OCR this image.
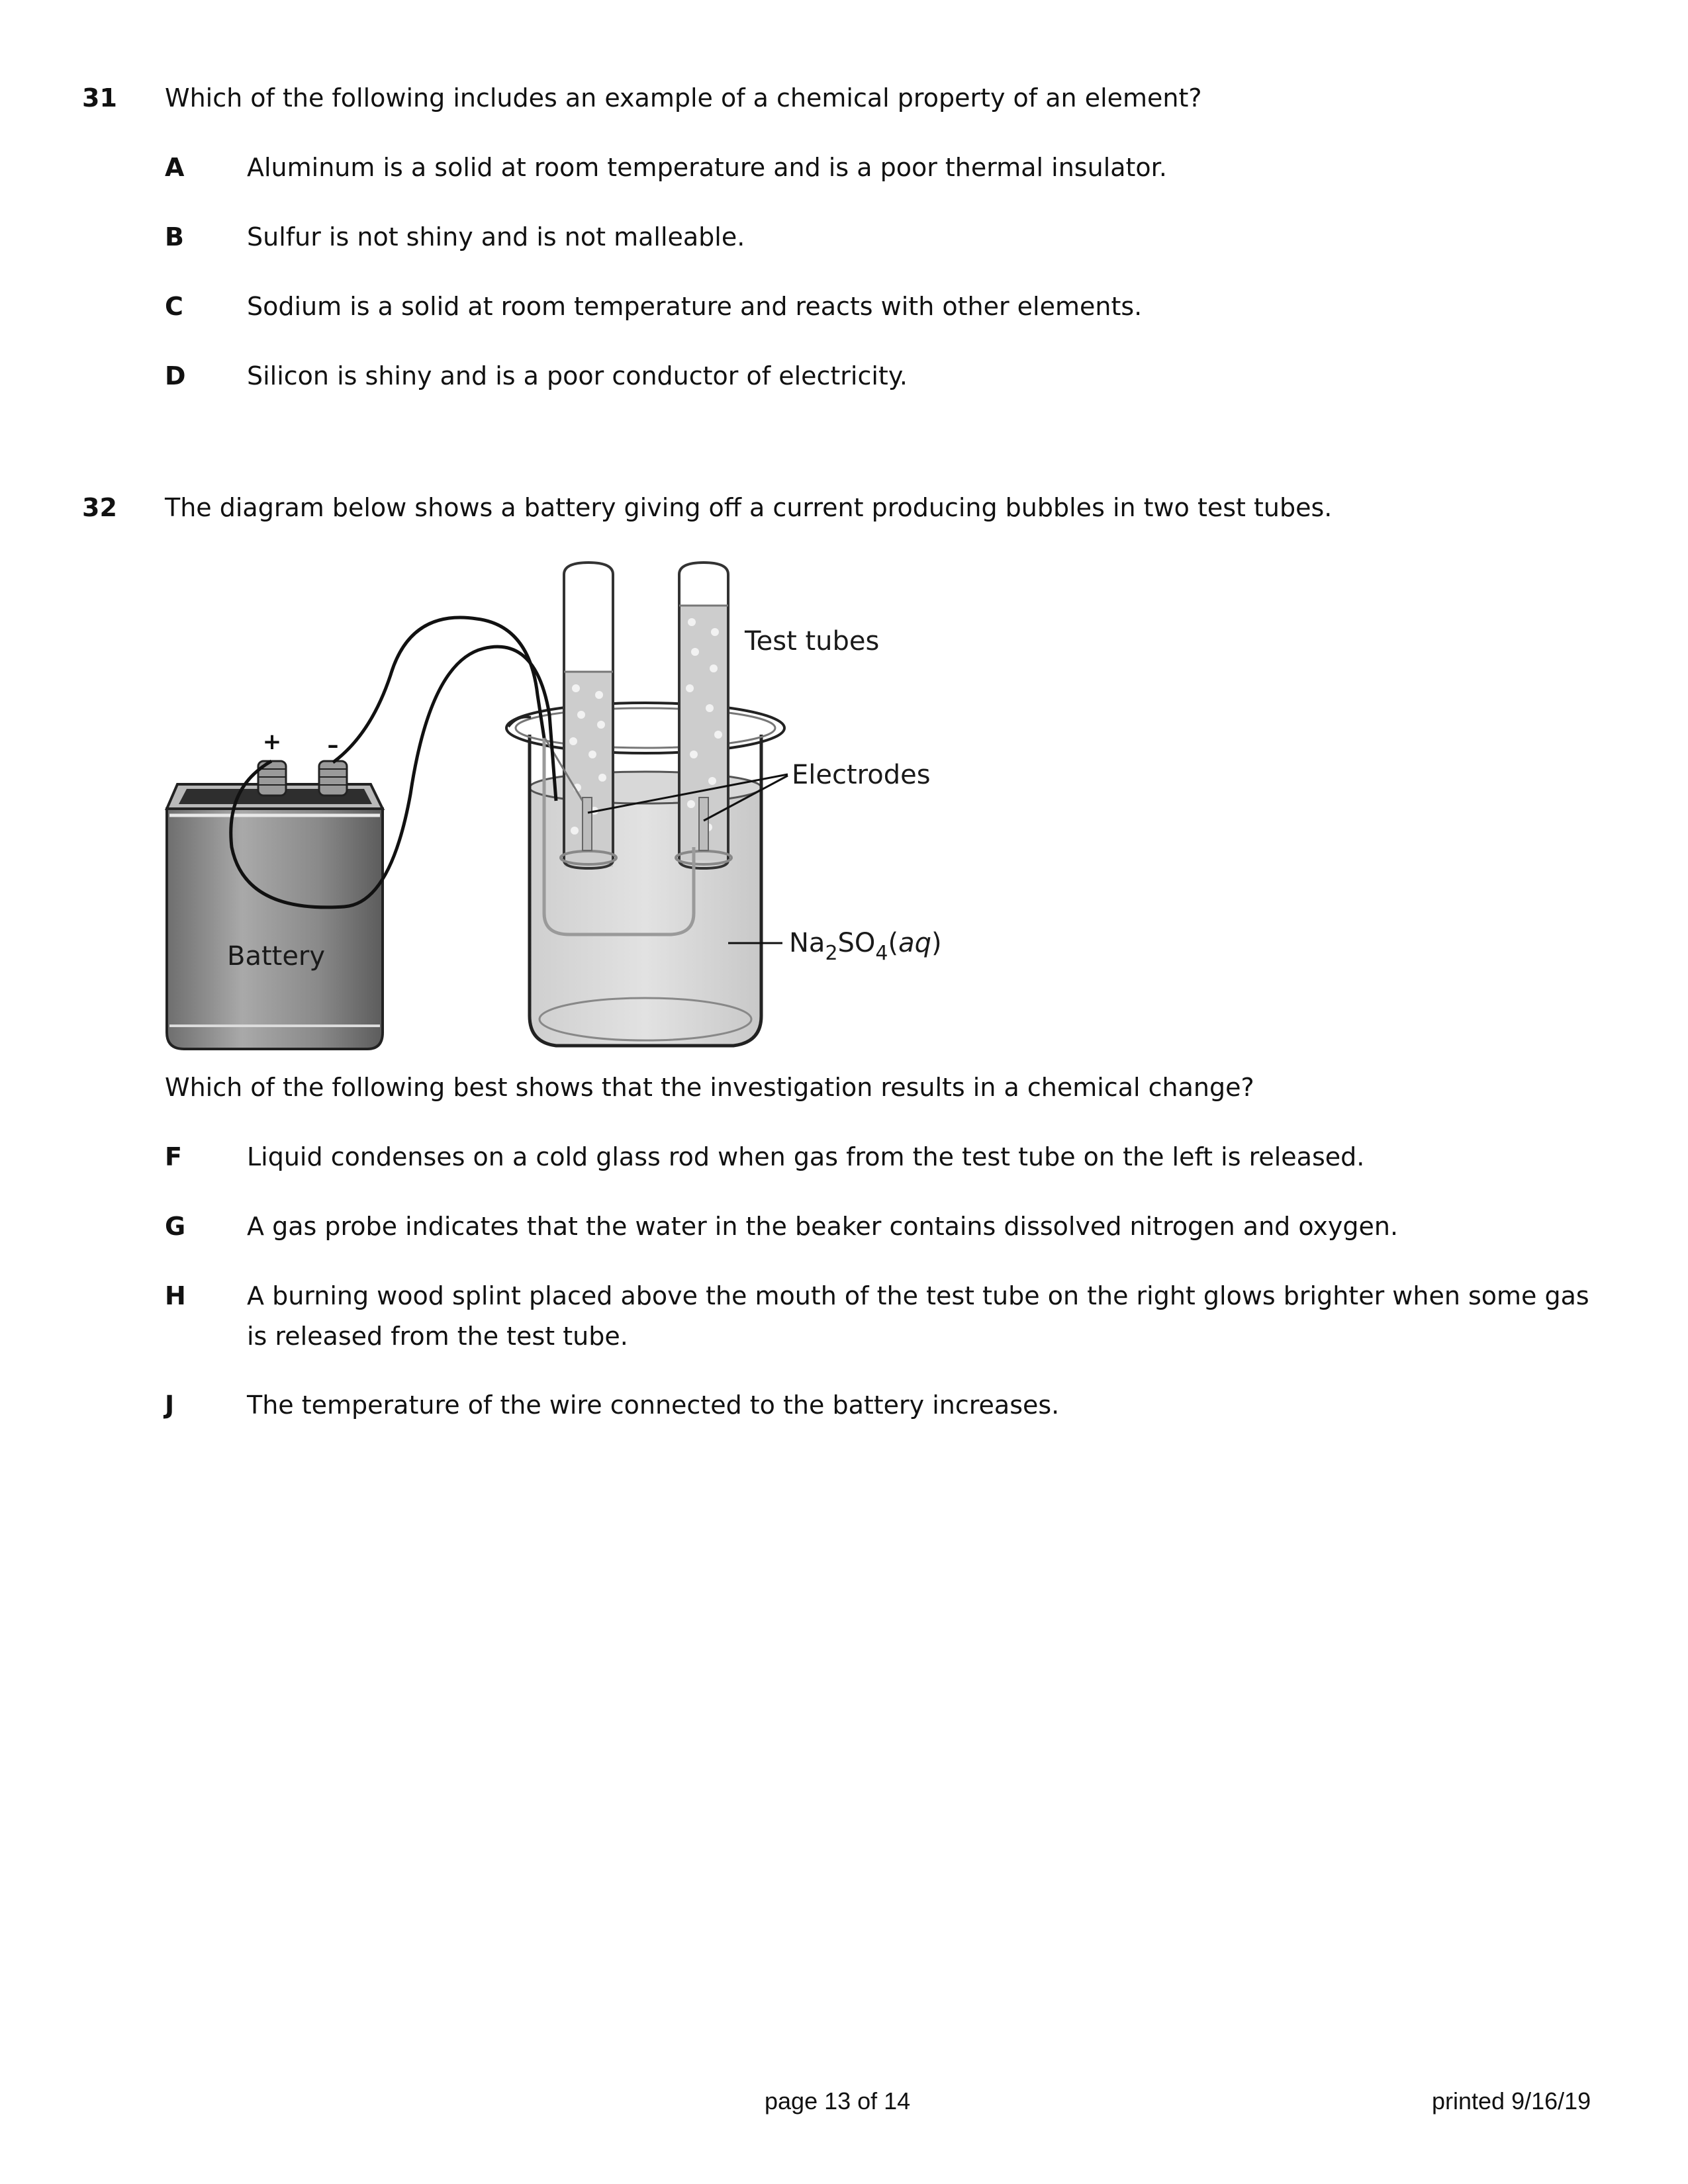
31 Which of the following includes an example of a chemical property of an element?
A Aluminum is a solid at room temperature and is a poor thermal insulator.
B	Sulfur is not shiny and is not malleable.
C	Sodium is a solid at room temperature and reacts with other elements.
D Silicon is shiny and is a poor conductor of electricity.
32 The diagram below shows a battery giving off a current producing bubbles in two test tubes.
+ –
Battery
Test tubes
Electrodes
$Na_2SO_4(aq)$
Which of the following best shows that the investigation results in a chemical change?
F	Liquid condenses on a cold glass rod when gas from the test tube on the left is released.
G A gas probe indicates that the water in the beaker contains dissolved nitrogen and oxygen.
H A burning wood splint placed above the mouth of the test tube on the right glows brighter when some gas is released from the test tube.
J	The temperature of the wire connected to the battery increases.
page 13 of 14	printed 9/16/19
